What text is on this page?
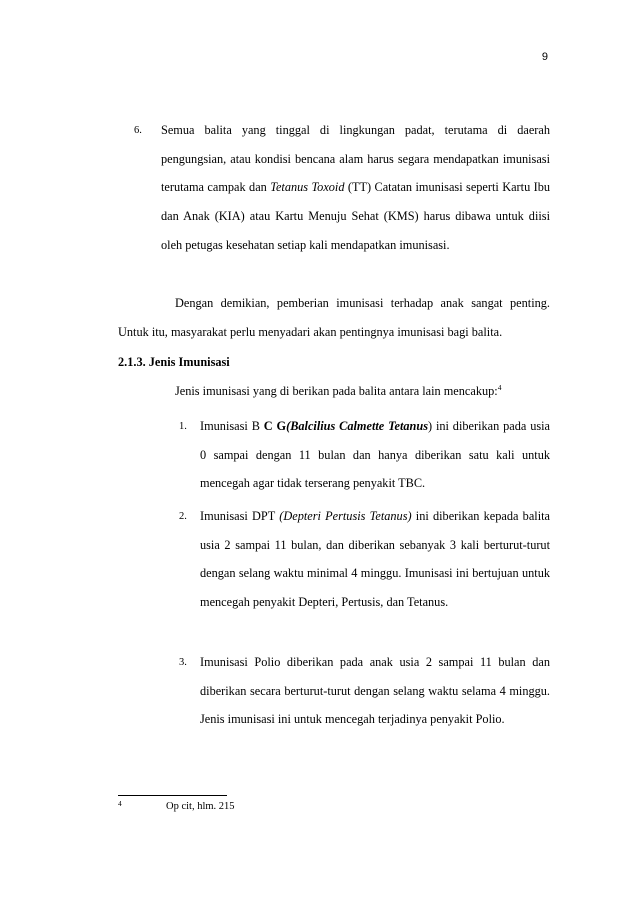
9
6. Semua balita yang tinggal di lingkungan padat, terutama di daerah pengungsian, atau kondisi bencana alam harus segara mendapatkan imunisasi terutama campak dan Tetanus Toxoid (TT) Catatan imunisasi seperti Kartu Ibu dan Anak (KIA) atau Kartu Menuju Sehat (KMS) harus dibawa untuk diisi oleh petugas kesehatan setiap kali mendapatkan imunisasi.
Dengan demikian, pemberian imunisasi terhadap anak sangat penting. Untuk itu, masyarakat perlu menyadari akan pentingnya imunisasi bagi balita.
2.1.3. Jenis Imunisasi
Jenis imunisasi yang di berikan pada balita antara lain mencakup:$^4$
1. Imunisasi B C G(Balcilius Calmette Tetanus) ini diberikan pada usia 0 sampai dengan 11 bulan dan hanya diberikan satu kali untuk mencegah agar tidak terserang penyakit TBC.
2. Imunisasi DPT (Depteri Pertusis Tetanus) ini diberikan kepada balita usia 2 sampai 11 bulan, dan diberikan sebanyak 3 kali berturut-turut dengan selang waktu minimal 4 minggu. Imunisasi ini bertujuan untuk mencegah penyakit Depteri, Pertusis, dan Tetanus.
3. Imunisasi Polio diberikan pada anak usia 2 sampai 11 bulan dan diberikan secara berturut-turut dengan selang waktu selama 4 minggu. Jenis imunisasi ini untuk mencegah terjadinya penyakit Polio.
4	Op cit, hlm. 215
